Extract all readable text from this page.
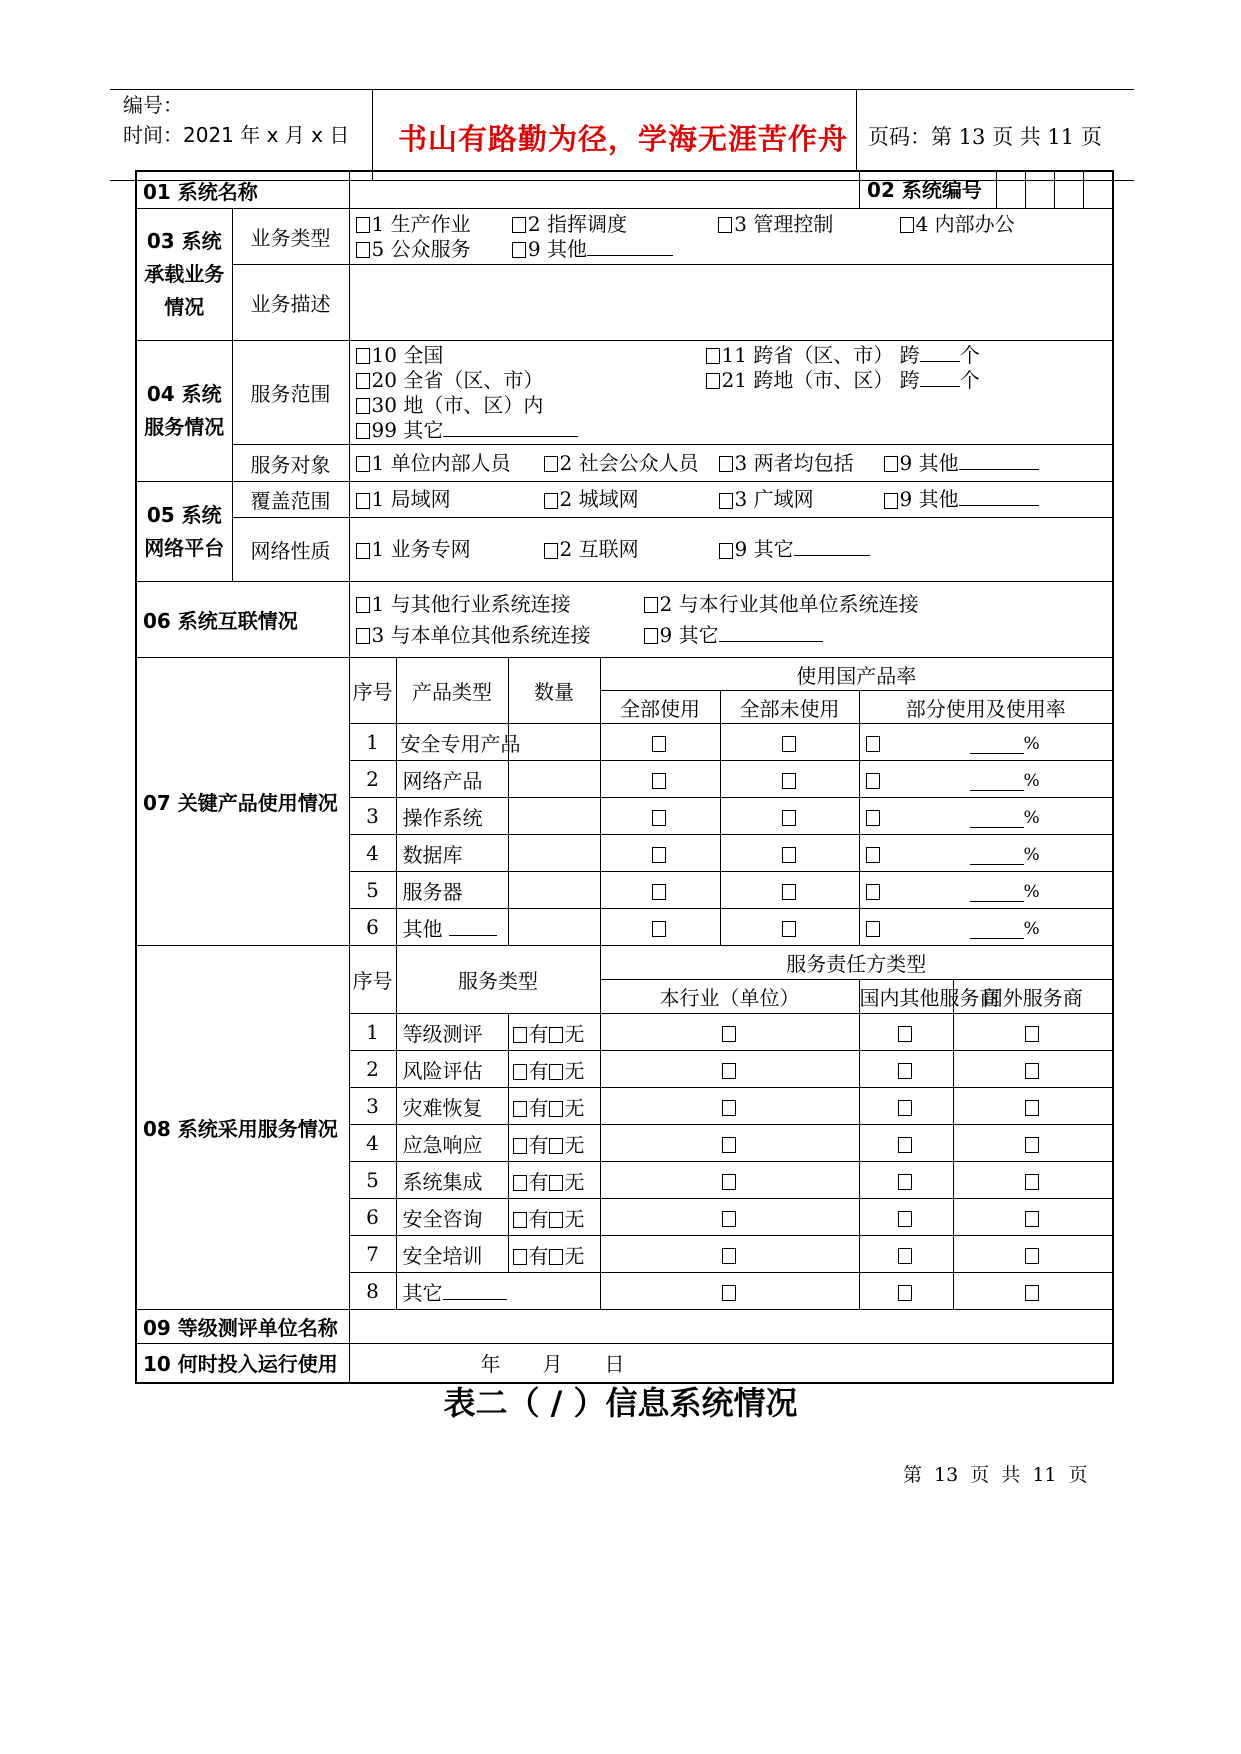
编号：
时间：2021 年 x 月 x 日 书山有路勤为径，学海无涯苦作舟 页码：第 13 页 共 11 页
01 系统名称								02 系统编号	

03 系统承载业务情况	业务类型	1 生产作业 2 指挥调度 3 管理控制 4 内部办公
5 公众服务 9 其他							

	业务描述								
04 系统服务情况	服务范围	10 全国 11 跨省（区、市） 跨 个
20 全省（区、市） 21 跨地（市、区） 跨 个
30 地（市、区）内
99 其它							

	服务对象	1 单位内部人员 2 社会公众人员 3 两者均包括 9 其他							
05 系统网络平台	覆盖范围	1 局域网 2 城域网 3 广域网 9 其他							
	网络性质	1 业务专网 2 互联网 9 其它							
06 系统互联情况		1 与其他行业系统连接 2 与本行业其他单位系统连接
3 与本单位其他系统连接 9 其它							

07 关键产品使用情况		序号	产品类型	数量	使用国产品率				
					全部使用	全部未使用	部分使用及使用率		
		1	安全专用产品				%		
		2	网络产品				%		
		3	操作系统				%		
		4	数据库				%		
		5	服务器				%		
		6	其他				%		
08 系统采用服务情况		序号	服务类型		服务责任方类型				
					本行业（单位）		国内其他服务商		国外服务商
		1	等级测评	有 无					
		2	风险评估	有 无					
		3	灾难恢复	有 无					
		4	应急响应	有 无					
		5	系统集成	有 无					
		6	安全咨询	有 无					
		7	安全培训	有 无					
		8	其它						
09 等级测评单位名称									
10 何时投入运行使用		年 月 日							
表二（ / ）信息系统情况
第 13 页 共 11 页
